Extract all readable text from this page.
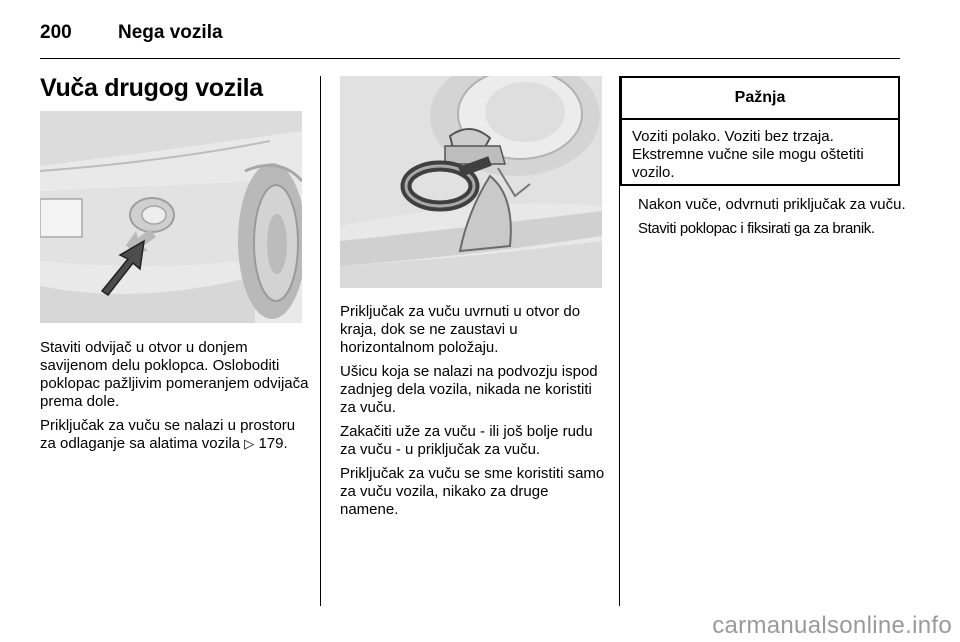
200 Nega vozila
Vuča drugog vozila

Staviti odvijač u otvor u donjem savijenom delu poklopca. Osloboditi poklopac pažljivim pomeranjem odvijača prema dole.

Priključak za vuču se nalazi u prostoru za odlaganje sa alatima vozila ▷ 179.

Priključak za vuču uvrnuti u otvor do kraja, dok se ne zaustavi u horizontalnom položaju.

Ušicu koja se nalazi na podvozju ispod zadnjeg dela vozila, nikada ne koristiti za vuču.

Zakačiti uže za vuču - ili još bolje rudu za vuču - u priključak za vuču.

Priključak za vuču se sme koristiti samo za vuču vozila, nikako za druge namene.

Pažnja
Voziti polako. Voziti bez trzaja. Ekstremne vučne sile mogu oštetiti vozilo.

Nakon vuče, odvrnuti priključak za vuču.

Staviti poklopac i fiksirati ga za branik.

carmanualsonline.info
